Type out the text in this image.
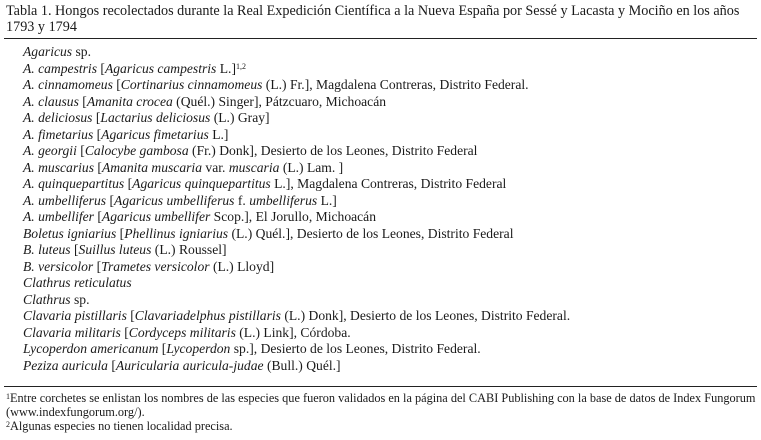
Tabla 1. Hongos recolectados durante la Real Expedición Científica a la Nueva España por Sessé y Lacasta y Mociño en los años 1793 y 1794
Agaricus sp.
A. campestris [Agaricus campestris L.]$^{1,2}$
A. cinnamomeus [Cortinarius cinnamomeus (L.) Fr.], Magdalena Contreras, Distrito Federal.
A. clausus [Amanita crocea (Quél.) Singer], Pátzcuaro, Michoacán
A. deliciosus [Lactarius deliciosus (L.) Gray]
A. fimetarius [Agaricus fimetarius L.]
A. georgii [Calocybe gambosa (Fr.) Donk], Desierto de los Leones, Distrito Federal
A. muscarius [Amanita muscaria var. muscaria (L.) Lam. ]
A. quinquepartitus [Agaricus quinquepartitus L.], Magdalena Contreras, Distrito Federal
A. umbelliferus [Agaricus umbelliferus f. umbelliferus L.]
A. umbellifer [Agaricus umbellifer Scop.], El Jorullo, Michoacán
Boletus igniarius [Phellinus igniarius (L.) Quél.], Desierto de los Leones, Distrito Federal
B. luteus [Suillus luteus (L.) Roussel]
B. versicolor [Trametes versicolor (L.) Lloyd]
Clathrus reticulatus
Clathrus sp.
Clavaria pistillaris [Clavariadelphus pistillaris (L.) Donk], Desierto de los Leones, Distrito Federal.
Clavaria militaris [Cordyceps militaris (L.) Link], Córdoba.
Lycoperdon americanum [Lycoperdon sp.], Desierto de los Leones, Distrito Federal.
Peziza auricula [Auricularia auricula-judae (Bull.) Quél.]

$^1$Entre corchetes se enlistan los nombres de las especies que fueron validados en la página del CABI Publishing con la base de datos de Index Fungorum (www.indexfungorum.org/).

$^2$Algunas especies no tienen localidad precisa.
